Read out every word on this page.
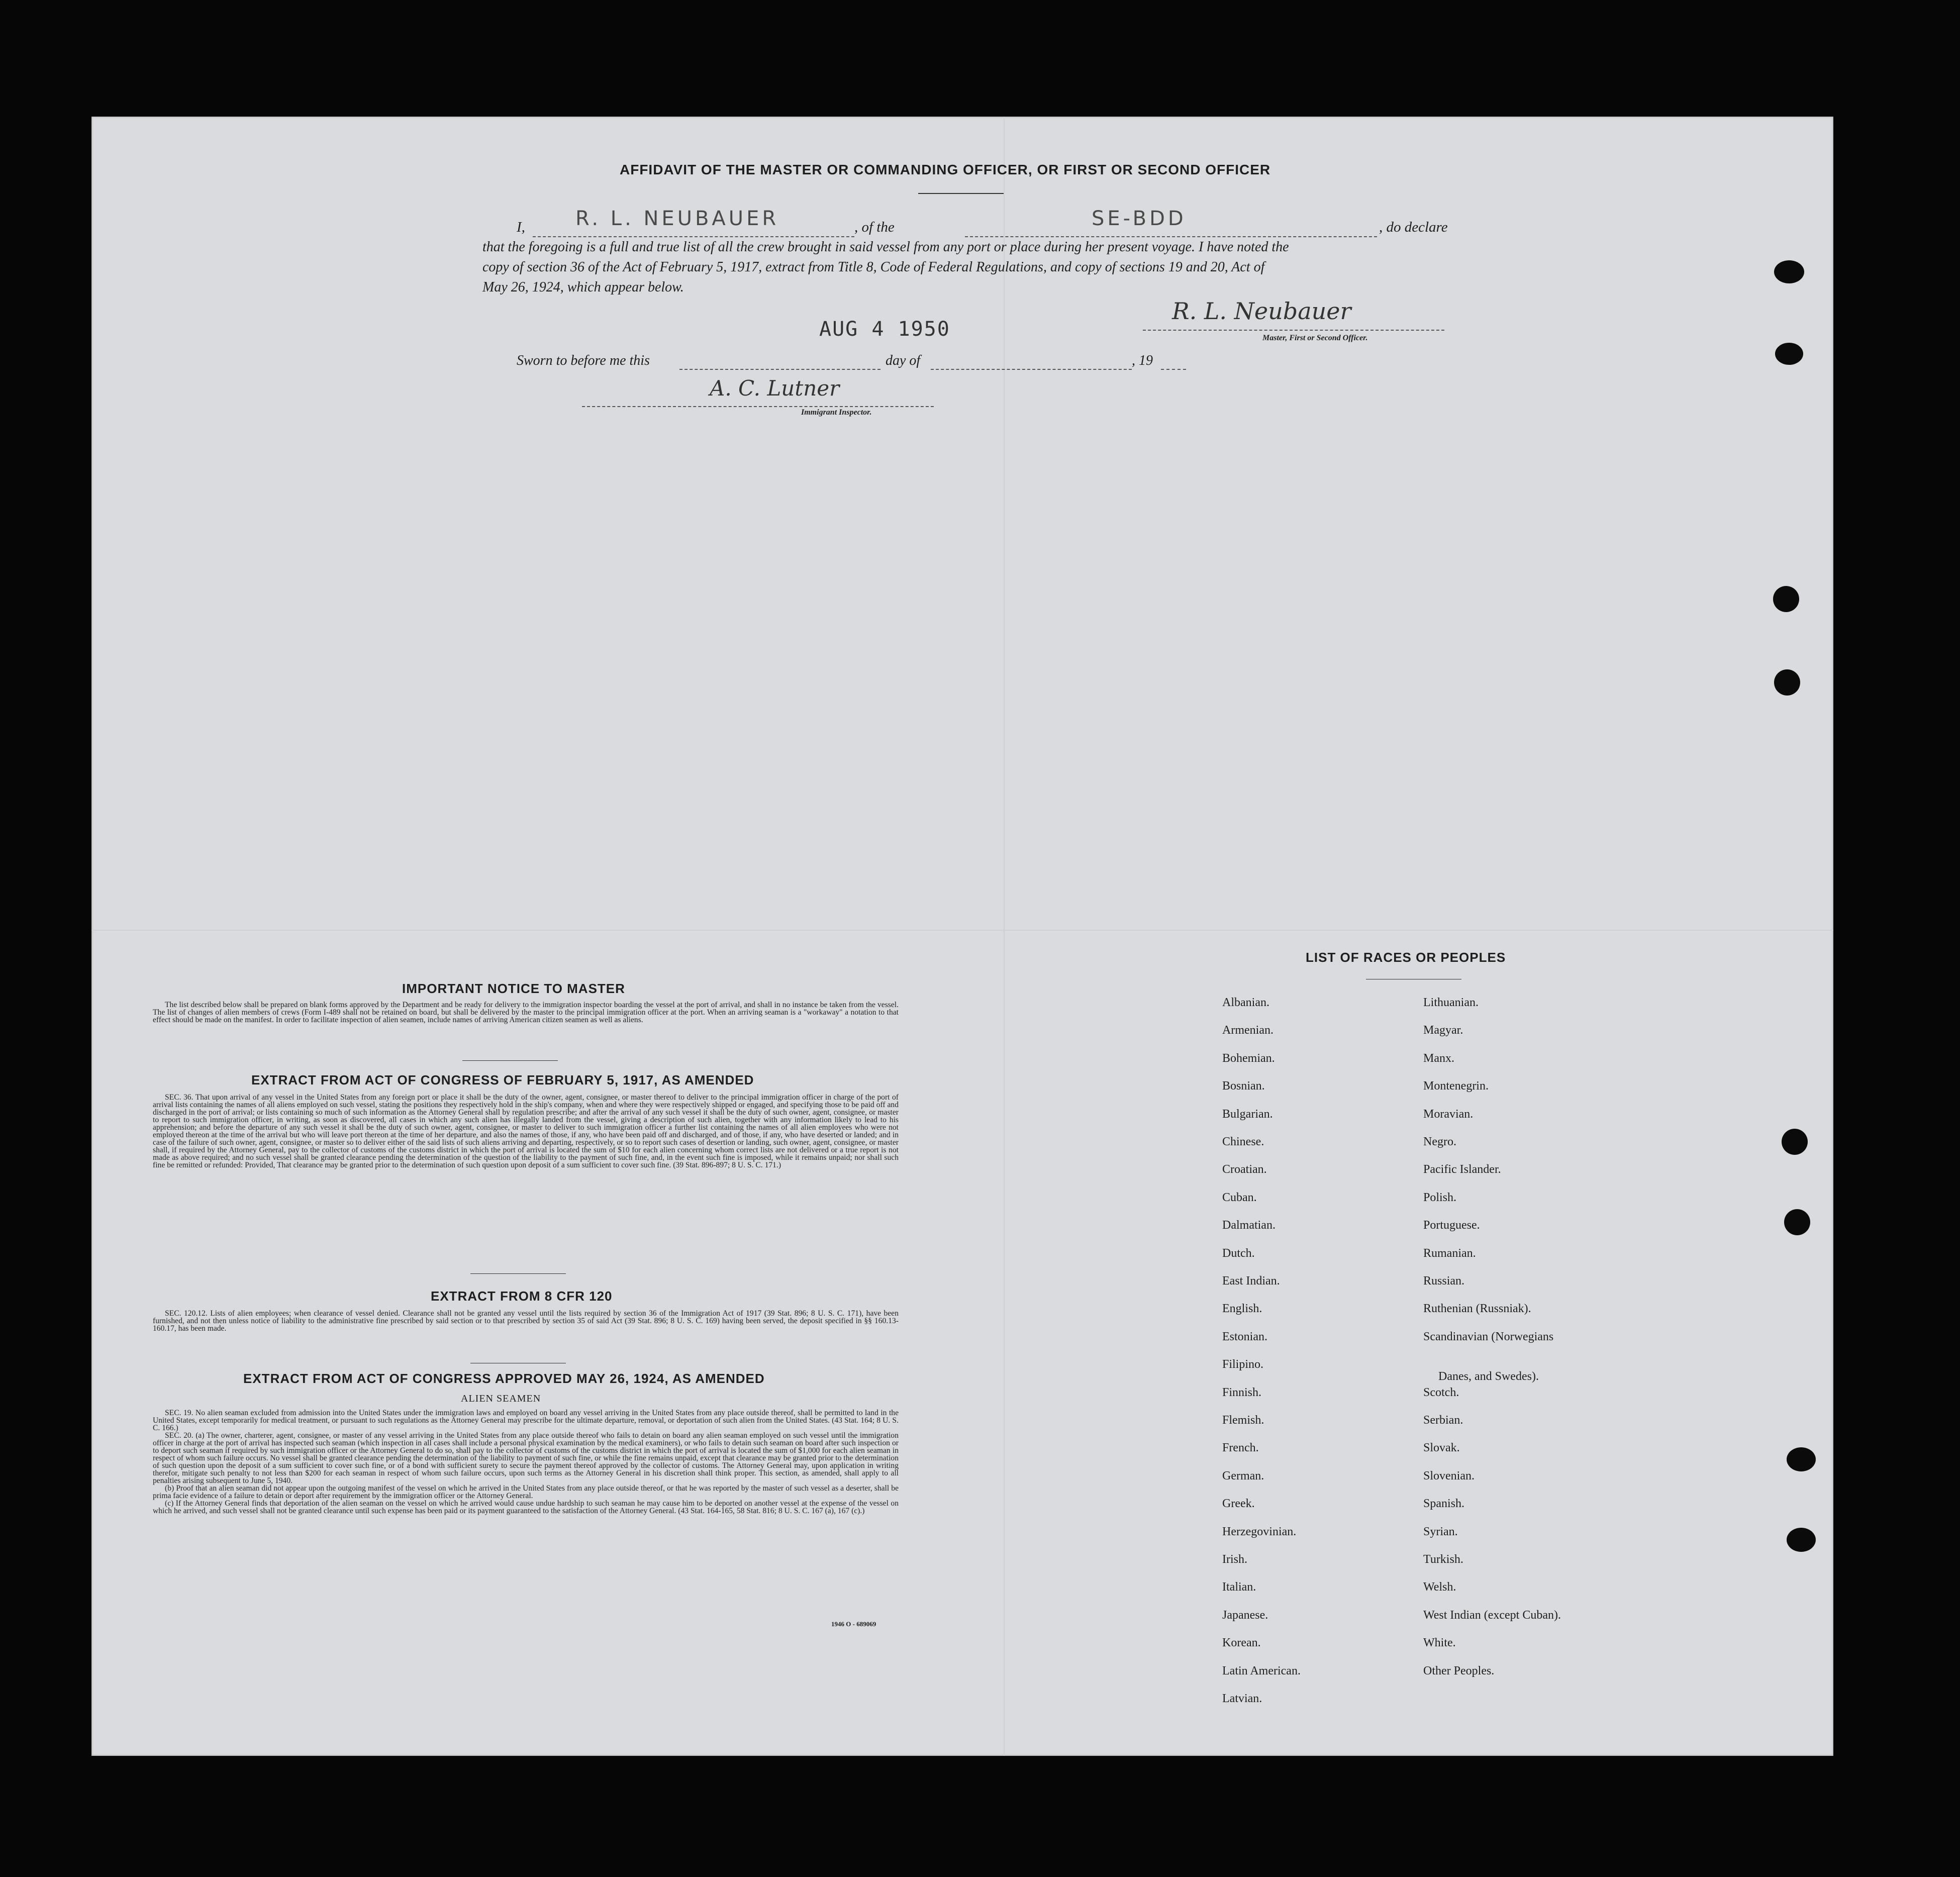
AFFIDAVIT OF THE MASTER OR COMMANDING OFFICER, OR FIRST OR SECOND OFFICER
I,	R. L. NEUBAUER	, of the	SE-BDD	, do declare
that the foregoing is a full and true list of all the crew brought in said vessel from any port or place during her present voyage. I have noted the
copy of section 36 of the Act of February 5, 1917, extract from Title 8, Code of Federal Regulations, and copy of sections 19 and 20, Act of
May 26, 1924, which appear below.
AUG 4 1950
R. L. Neubauer
Master, First or Second Officer.
Sworn to before me this	day of	, 19
A. C. Lutner
Immigrant Inspector.
IMPORTANT NOTICE TO MASTER

The list described below shall be prepared on blank forms approved by the Department and be ready for delivery to the immigration inspector boarding the vessel at the port of arrival, and shall in no instance be taken from the vessel. The list of changes of alien members of crews (Form I-489 shall not be retained on board, but shall be delivered by the master to the principal immigration officer at the port. When an arriving seaman is a "workaway" a notation to that effect should be made on the manifest. In order to facilitate inspection of alien seamen, include names of arriving American citizen seamen as well as aliens.

EXTRACT FROM ACT OF CONGRESS OF FEBRUARY 5, 1917, AS AMENDED

SEC. 36. That upon arrival of any vessel in the United States from any foreign port or place it shall be the duty of the owner, agent, consignee, or master thereof to deliver to the principal immigration officer in charge of the port of arrival lists containing the names of all aliens employed on such vessel, stating the positions they respectively hold in the ship's company, when and where they were respectively shipped or engaged, and specifying those to be paid off and discharged in the port of arrival; or lists containing so much of such information as the Attorney General shall by regulation prescribe; and after the arrival of any such vessel it shall be the duty of such owner, agent, consignee, or master to report to such immigration officer, in writing, as soon as discovered, all cases in which any such alien has illegally landed from the vessel, giving a description of such alien, together with any information likely to lead to his apprehension; and before the departure of any such vessel it shall be the duty of such owner, agent, consignee, or master to deliver to such immigration officer a further list containing the names of all alien employees who were not employed thereon at the time of the arrival but who will leave port thereon at the time of her departure, and also the names of those, if any, who have been paid off and discharged, and of those, if any, who have deserted or landed; and in case of the failure of such owner, agent, consignee, or master so to deliver either of the said lists of such aliens arriving and departing, respectively, or so to report such cases of desertion or landing, such owner, agent, consignee, or master shall, if required by the Attorney General, pay to the collector of customs of the customs district in which the port of arrival is located the sum of $10 for each alien concerning whom correct lists are not delivered or a true report is not made as above required; and no such vessel shall be granted clearance pending the determination of the question of the liability to the payment of such fine, and, in the event such fine is imposed, while it remains unpaid; nor shall such fine be remitted or refunded: Provided, That clearance may be granted prior to the determination of such question upon deposit of a sum sufficient to cover such fine. (39 Stat. 896-897; 8 U. S. C. 171.)

EXTRACT FROM 8 CFR 120

SEC. 120.12. Lists of alien employees; when clearance of vessel denied. Clearance shall not be granted any vessel until the lists required by section 36 of the Immigration Act of 1917 (39 Stat. 896; 8 U. S. C. 171), have been furnished, and not then unless notice of liability to the administrative fine prescribed by said section or to that prescribed by section 35 of said Act (39 Stat. 896; 8 U. S. C. 169) having been served, the deposit specified in §§ 160.13-160.17, has been made.

EXTRACT FROM ACT OF CONGRESS APPROVED MAY 26, 1924, AS AMENDED
ALIEN SEAMEN

SEC. 19. No alien seaman excluded from admission into the United States under the immigration laws and employed on board any vessel arriving in the United States from any place outside thereof, shall be permitted to land in the United States, except temporarily for medical treatment, or pursuant to such regulations as the Attorney General may prescribe for the ultimate departure, removal, or deportation of such alien from the United States. (43 Stat. 164; 8 U. S. C. 166.)

SEC. 20. (a) The owner, charterer, agent, consignee, or master of any vessel arriving in the United States from any place outside thereof who fails to detain on board any alien seaman employed on such vessel until the immigration officer in charge at the port of arrival has inspected such seaman (which inspection in all cases shall include a personal physical examination by the medical examiners), or who fails to detain such seaman on board after such inspection or to deport such seaman if required by such immigration officer or the Attorney General to do so, shall pay to the collector of customs of the customs district in which the port of arrival is located the sum of $1,000 for each alien seaman in respect of whom such failure occurs. No vessel shall be granted clearance pending the determination of the liability to payment of such fine, or while the fine remains unpaid, except that clearance may be granted prior to the determination of such question upon the deposit of a sum sufficient to cover such fine, or of a bond with sufficient surety to secure the payment thereof approved by the collector of customs. The Attorney General may, upon application in writing therefor, mitigate such penalty to not less than $200 for each seaman in respect of whom such failure occurs, upon such terms as the Attorney General in his discretion shall think proper. This section, as amended, shall apply to all penalties arising subsequent to June 5, 1940.

(b) Proof that an alien seaman did not appear upon the outgoing manifest of the vessel on which he arrived in the United States from any place outside thereof, or that he was reported by the master of such vessel as a deserter, shall be prima facie evidence of a failure to detain or deport after requirement by the immigration officer or the Attorney General.

(c) If the Attorney General finds that deportation of the alien seaman on the vessel on which he arrived would cause undue hardship to such seaman he may cause him to be deported on another vessel at the expense of the vessel on which he arrived, and such vessel shall not be granted clearance until such expense has been paid or its payment guaranteed to the satisfaction of the Attorney General. (43 Stat. 164-165, 58 Stat. 816; 8 U. S. C. 167 (a), 167 (c).)

1946 O - 689069
LIST OF RACES OR PEOPLES
Albanian.
Armenian.
Bohemian.
Bosnian.
Bulgarian.
Chinese.
Croatian.
Cuban.
Dalmatian.
Dutch.
East Indian.
English.
Estonian.
Filipino.
Finnish.
Flemish.
French.
German.
Greek.
Herzegovinian.
Irish.
Italian.
Japanese.
Korean.
Latin American.
Latvian.
Lithuanian.
Magyar.
Manx.
Montenegrin.
Moravian.
Negro.
Pacific Islander.
Polish.
Portuguese.
Rumanian.
Russian.
Ruthenian (Russniak).
Scandinavian (Norwegians
Danes, and Swedes).
Scotch.
Serbian.
Slovak.
Slovenian.
Spanish.
Syrian.
Turkish.
Welsh.
West Indian (except Cuban).
White.
Other Peoples.
